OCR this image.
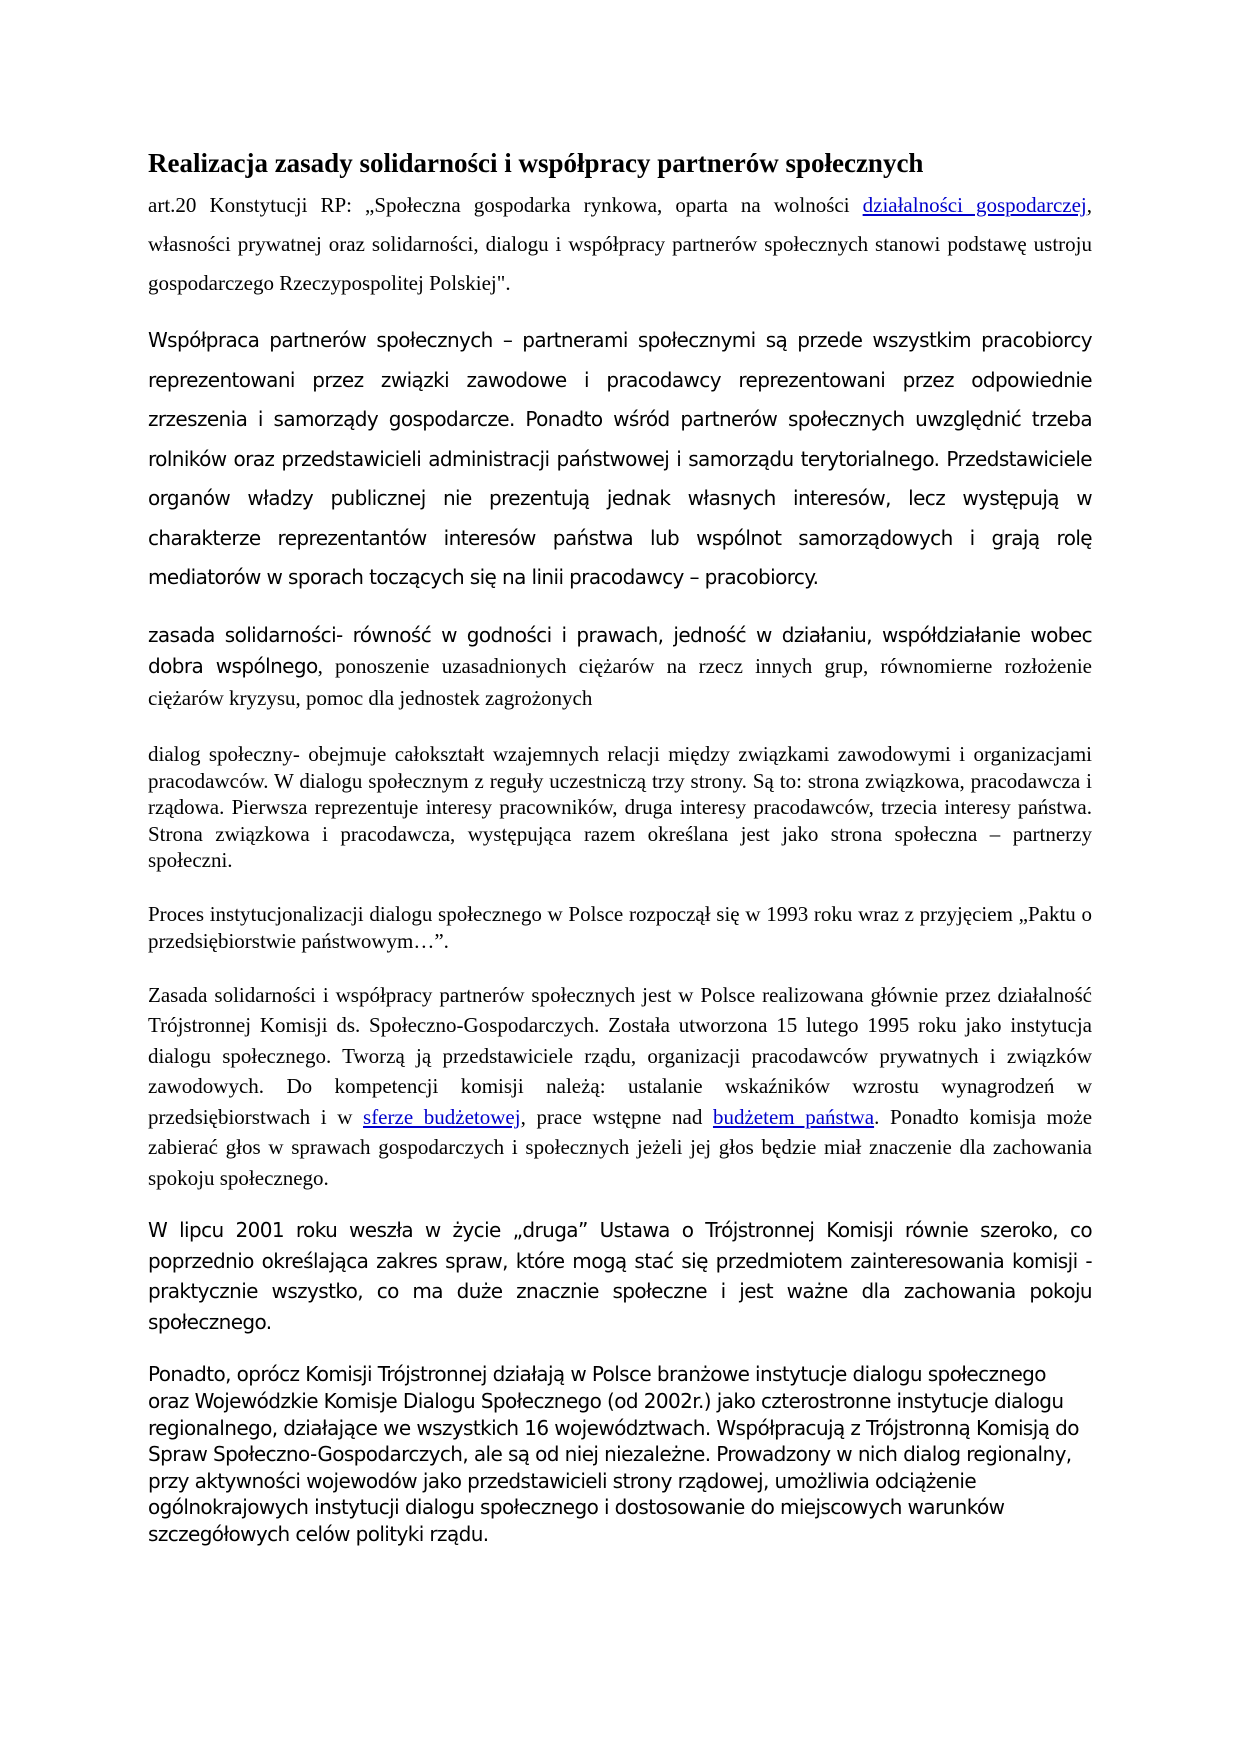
Realizacja zasady solidarności i współpracy partnerów społecznych

art.20 Konstytucji RP: „Społeczna gospodarka rynkowa, oparta na wolności działalności gospodarczej, własności prywatnej oraz solidarności, dialogu i współpracy partnerów społecznych stanowi podstawę ustroju gospodarczego Rzeczypospolitej Polskiej".

Współpraca partnerów społecznych – partnerami społecznymi są przede wszystkim pracobiorcy reprezentowani przez związki zawodowe i pracodawcy reprezentowani przez odpowiednie zrzeszenia i samorządy gospodarcze. Ponadto wśród partnerów społecznych uwzględnić trzeba rolników oraz przedstawicieli administracji państwowej i samorządu terytorialnego. Przedstawiciele organów władzy publicznej nie prezentują jednak własnych interesów, lecz występują w charakterze reprezentantów interesów państwa lub wspólnot samorządowych i grają rolę mediatorów w sporach toczących się na linii pracodawcy – pracobiorcy.

zasada solidarności- równość w godności i prawach, jedność w działaniu, współdziałanie wobec dobra wspólnego, ponoszenie uzasadnionych ciężarów na rzecz innych grup, równomierne rozłożenie ciężarów kryzysu, pomoc dla jednostek zagrożonych

dialog społeczny- obejmuje całokształt wzajemnych relacji między związkami zawodowymi i organizacjami pracodawców. W dialogu społecznym z reguły uczestniczą trzy strony. Są to: strona związkowa, pracodawcza i rządowa. Pierwsza reprezentuje interesy pracowników, druga interesy pracodawców, trzecia interesy państwa. Strona związkowa i pracodawcza, występująca razem określana jest jako strona społeczna – partnerzy społeczni.

Proces instytucjonalizacji dialogu społecznego w Polsce rozpoczął się w 1993 roku wraz z przyjęciem „Paktu o przedsiębiorstwie państwowym…”.

Zasada solidarności i współpracy partnerów społecznych jest w Polsce realizowana głównie przez działalność Trójstronnej Komisji ds. Społeczno-Gospodarczych. Została utworzona 15 lutego 1995 roku jako instytucja dialogu społecznego. Tworzą ją przedstawiciele rządu, organizacji pracodawców prywatnych i związków zawodowych. Do kompetencji komisji należą: ustalanie wskaźników wzrostu wynagrodzeń w przedsiębiorstwach i w sferze budżetowej, prace wstępne nad budżetem państwa. Ponadto komisja może zabierać głos w sprawach gospodarczych i społecznych jeżeli jej głos będzie miał znaczenie dla zachowania spokoju społecznego.

W lipcu 2001 roku weszła w życie „druga” Ustawa o Trójstronnej Komisji równie szeroko, co poprzednio określająca zakres spraw, które mogą stać się przedmiotem zainteresowania komisji - praktycznie wszystko, co ma duże znacznie społeczne i jest ważne dla zachowania pokoju społecznego.

Ponadto, oprócz Komisji Trójstronnej działają w Polsce branżowe instytucje dialogu społecznego oraz Wojewódzkie Komisje Dialogu Społecznego (od 2002r.) jako czterostronne instytucje dialogu regionalnego, działające we wszystkich 16 województwach. Współpracują z Trójstronną Komisją do Spraw Społeczno-Gospodarczych, ale są od niej niezależne. Prowadzony w nich dialog regionalny, przy aktywności wojewodów jako przedstawicieli strony rządowej, umożliwia odciążenie ogólnokrajowych instytucji dialogu społecznego i dostosowanie do miejscowych warunków szczegółowych celów polityki rządu.
